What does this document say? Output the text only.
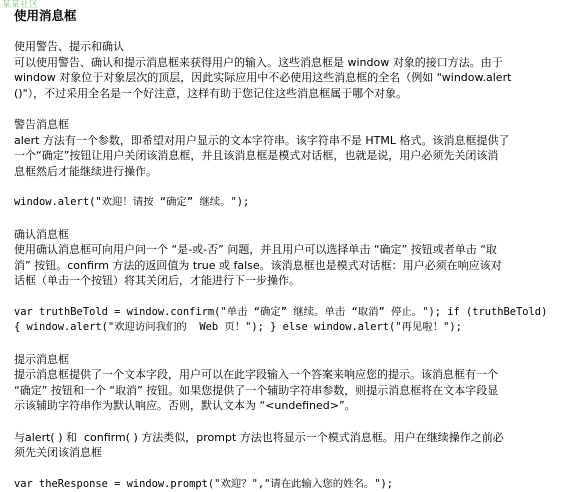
某某社区

使用消息框

使用警告、提示和确认

可以使用警告、确认和提示消息框来获得用户的输入。这些消息框是 window 对象的接口方法。由于

window 对象位于对象层次的顶层，因此实际应用中不必使用这些消息框的全名（例如 "window.alert

()"），不过采用全名是一个好注意，这样有助于您记住这些消息框属于哪个对象。

警告消息框

alert 方法有一个参数，即希望对用户显示的文本字符串。该字符串不是 HTML 格式。该消息框提供了

一个“确定”按钮让用户关闭该消息框，并且该消息框是模式对话框，也就是说，用户必须先关闭该消

息框然后才能继续进行操作。

window.alert("欢迎！请按 “确定” 继续。");

确认消息框

使用确认消息框可向用户问一个 “是-或-否” 问题，并且用户可以选择单击 “确定” 按钮或者单击 “取

消” 按钮。confirm 方法的返回值为 true 或 false。该消息框也是模式对话框：用户必须在响应该对

话框（单击一个按钮）将其关闭后，才能进行下一步操作。

var truthBeTold = window.confirm("单击 “确定” 继续。单击 “取消” 停止。"); if (truthBeTold)

{ window.alert("欢迎访问我们的  Web 页！"); } else window.alert("再见啦！");

提示消息框

提示消息框提供了一个文本字段，用户可以在此字段输入一个答案来响应您的提示。该消息框有一个

“确定” 按钮和一个 “取消” 按钮。如果您提供了一个辅助字符串参数，则提示消息框将在文本字段显

示该辅助字符串作为默认响应。否则，默认文本为 “<undefined>”。

与alert( ) 和  confirm( ) 方法类似，prompt 方法也将显示一个模式消息框。用户在继续操作之前必

须先关闭该消息框

var theResponse = window.prompt("欢迎？","请在此输入您的姓名。");
